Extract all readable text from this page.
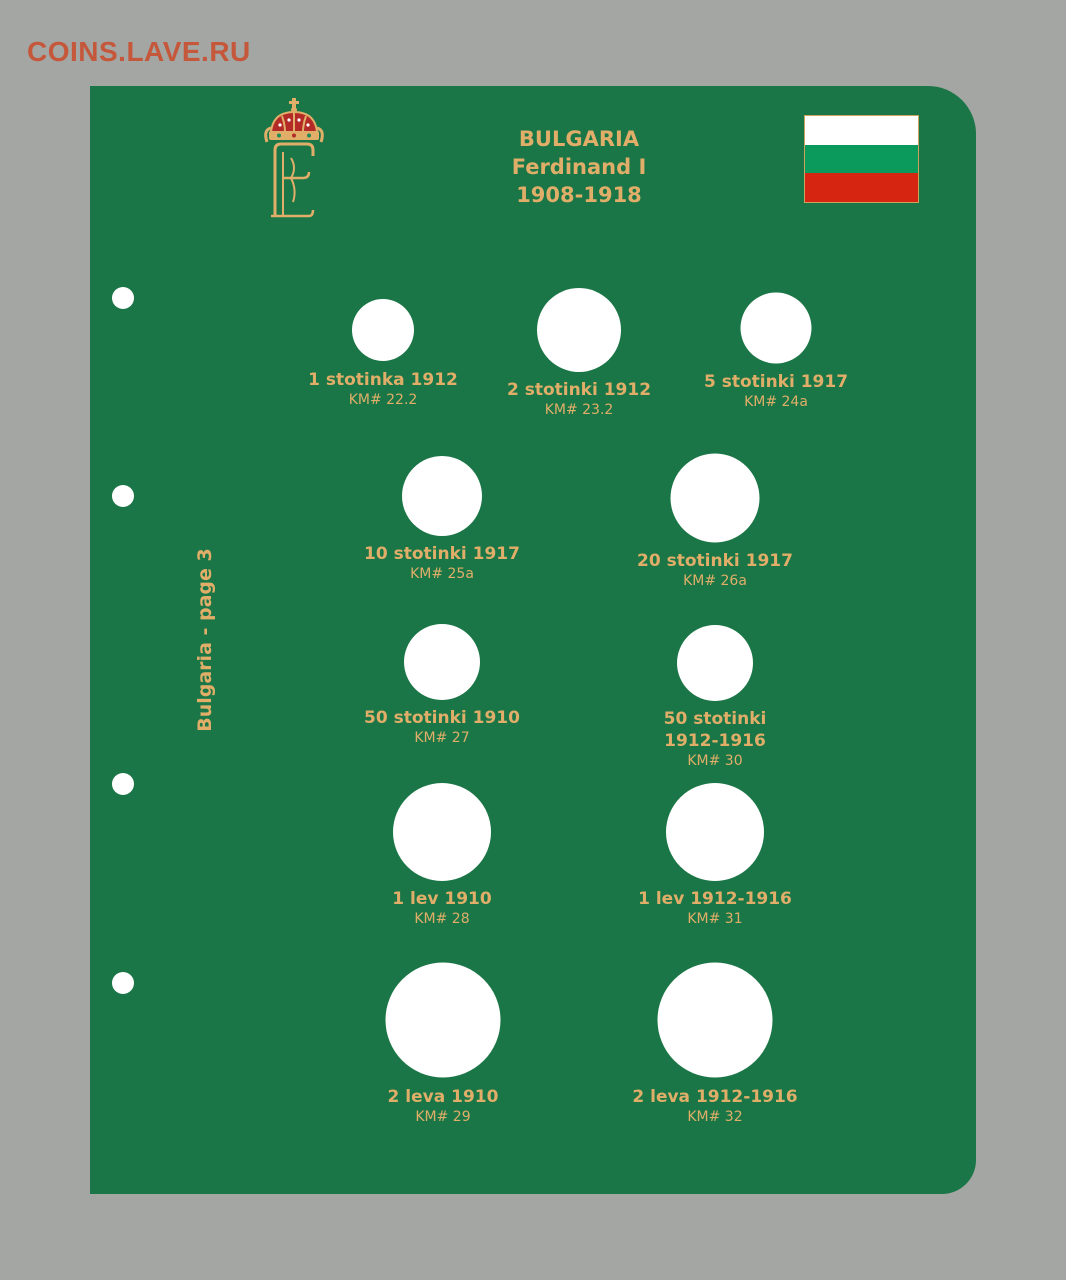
COINS.LAVE.RU
BULGARIA
Ferdinand I
1908-1918
Bulgaria - page 3
1 stotinka 1912
KM# 22.2	2 stotinki 1912
KM# 23.2
5 stotinki 1917
KM# 24a
10 stotinki 1917
KM# 25a
20 stotinki 1917
KM# 26a
50 stotinki 1910
KM# 27
50 stotinki
1912-1916
KM# 30
1 lev 1910
KM# 28
1 lev 1912-1916
KM# 31
2 leva 1910
KM# 29
2 leva 1912-1916
KM# 32
